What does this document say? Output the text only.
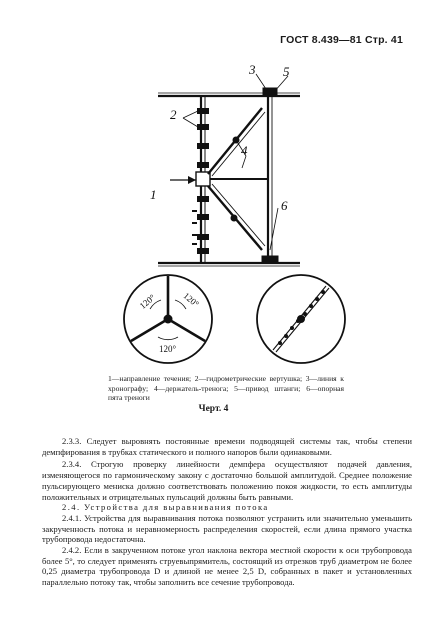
ГОСТ 8.439—81 Стр. 41
2
3 5
4
1
6
120°	120°
120°
1—направление течения; 2—гидрометрические вертушка; 3—линия к хронографу; 4—держатель-тренога; 5—привод штанги; 6—опорная пята треноги
Черт. 4

2.3.3. Следует выровнять постоянные времени подводящей системы так, чтобы степени демпфирования в трубках статического и полного напоров были одинаковыми.

2.3.4. Строгую проверку линейности демпфера осуществляют подачей давления, изменяющегося по гармоническому закону с достаточно большой амплитудой. Среднее положение пульсирующего мениска должно соответствовать положению покоя жидкости, то есть амплитуды положительных и отрицательных пульсаций должны быть равными.

2.4. Устройства для выравнивания потока

2.4.1. Устройства для выравнивания потока позволяют устранить или значительно уменьшить закрученность потока и неравномерность распределения скоростей, если длина прямого участка трубопровода недостаточна.

2.4.2. Если в закрученном потоке угол наклона вектора местной скорости к оси трубопровода более 5°, то следует применять струевыпрямитель, состоящий из отрезков труб диаметром не более 0,25 диаметра трубопровода D и длиной не менее 2,5 D, собранных в пакет и установленных параллельно потоку так, чтобы заполнить все сечение трубопровода.
